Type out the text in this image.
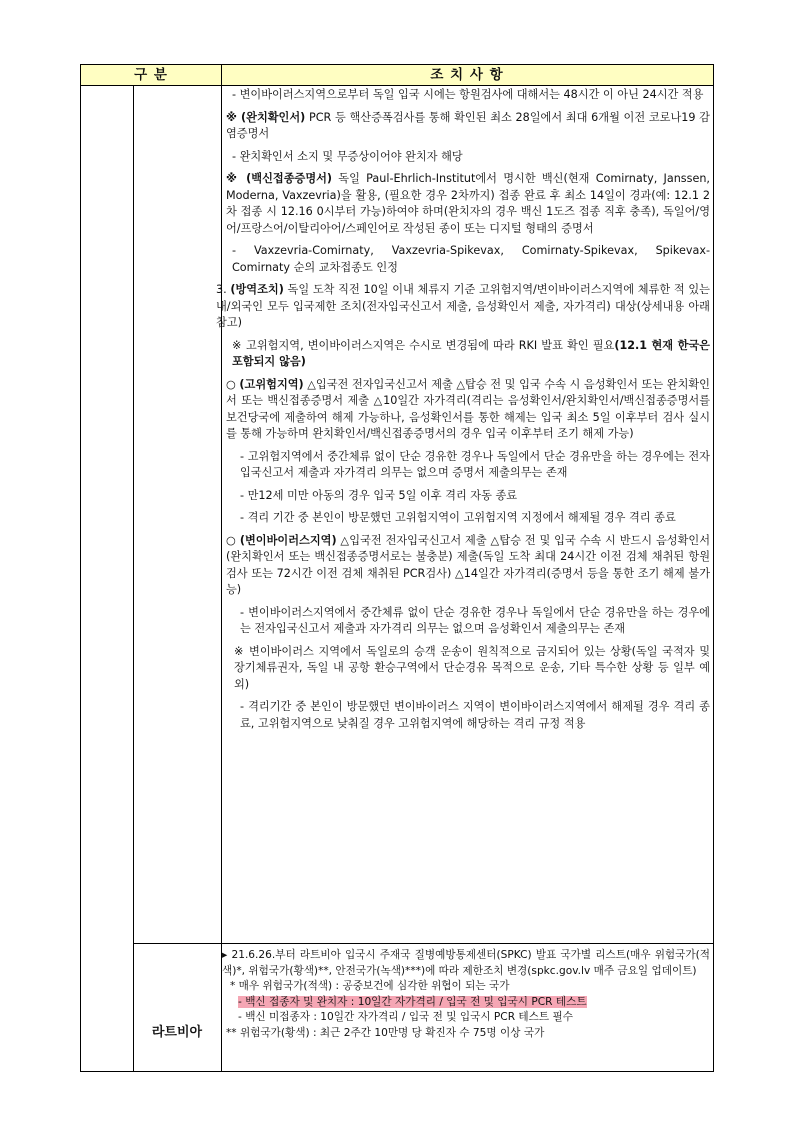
구 분	조 치 사 항

- 변이바이러스지역으로부터 독일 입국 시에는 항원검사에 대해서는 48시간 이 아닌 24시간 적용

※ (완치확인서) PCR 등 핵산증폭검사를 통해 확인된 최소 28일에서 최대 6개월 이전 코로나19 감염증명서

- 완치확인서 소지 및 무증상이어야 완치자 해당

※ (백신접종증명서) 독일 Paul-Ehrlich-Institut에서 명시한 백신(현재 Comirnaty, Janssen, Moderna, Vaxzevria)을 활용, (필요한 경우 2차까지) 접종 완료 후 최소 14일이 경과(예: 12.1 2차 접종 시 12.16 0시부터 가능)하여야 하며(완치자의 경우 백신 1도즈 접종 직후 충족), 독일어/영어/프랑스어/이탈리아어/스페인어로 작성된 종이 또는 디지털 형태의 증명서

- Vaxzevria-Comirnaty, Vaxzevria-Spikevax, Comirnaty-Spikevax, Spikevax-Comirnaty 순의 교차접종도 인정

3. (방역조치) 독일 도착 직전 10일 이내 체류지 기준 고위험지역/변이바이러스지역에 체류한 적 있는 내/외국인 모두 입국제한 조치(전자입국신고서 제출, 음성확인서 제출, 자가격리) 대상(상세내용 아래 참고)

※ 고위험지역, 변이바이러스지역은 수시로 변경됨에 따라 RKI 발표 확인 필요(12.1 현재 한국은 포함되지 않음)

○ (고위험지역) △입국전 전자입국신고서 제출 △탑승 전 및 입국 수속 시 음성확인서 또는 완치확인서 또는 백신접종증명서 제출 △10일간 자가격리(격리는 음성확인서/완치확인서/백신접종증명서를 보건당국에 제출하여 해제 가능하나, 음성확인서를 통한 해제는 입국 최소 5일 이후부터 검사 실시를 통해 가능하며 완치확인서/백신접종증명서의 경우 입국 이후부터 조기 해제 가능)

- 고위험지역에서 중간체류 없이 단순 경유한 경우나 독일에서 단순 경유만을 하는 경우에는 전자입국신고서 제출과 자가격리 의무는 없으며 증명서 제출의무는 존재

- 만12세 미만 아동의 경우 입국 5일 이후 격리 자동 종료

- 격리 기간 중 본인이 방문했던 고위험지역이 고위험지역 지정에서 해제될 경우 격리 종료

○ (변이바이러스지역) △입국전 전자입국신고서 제출 △탑승 전 및 입국 수속 시 반드시 음성확인서(완치확인서 또는 백신접종증명서로는 불충분) 제출(독일 도착 최대 24시간 이전 검체 채취된 항원검사 또는 72시간 이전 검체 채취된 PCR검사) △14일간 자가격리(증명서 등을 통한 조기 해제 불가능)

- 변이바이러스지역에서 중간체류 없이 단순 경유한 경우나 독일에서 단순 경유만을 하는 경우에는 전자입국신고서 제출과 자가격리 의무는 없으며 음성확인서 제출의무는 존재

※ 변이바이러스 지역에서 독일로의 승객 운송이 원칙적으로 금지되어 있는 상황(독일 국적자 및 장기체류권자, 독일 내 공항 환승구역에서 단순경유 목적으로 운송, 기타 특수한 상황 등 일부 예외)

- 격리기간 중 본인이 방문했던 변이바이러스 지역이 변이바이러스지역에서 해제될 경우 격리 종료, 고위험지역으로 낮춰질 경우 고위험지역에 해당하는 격리 규정 적용

라트비아

▸ 21.6.26.부터 라트비아 입국시 주재국 질병예방통제센터(SPKC) 발표 국가별 리스트(매우 위험국가(적색)*, 위험국가(황색)**, 안전국가(녹색)***)에 따라 제한조치 변경(spkc.gov.lv 매주 금요일 업데이트)

* 매우 위험국가(적색) : 공중보건에 심각한 위협이 되는 국가

- 백신 접종자 및 완치자 : 10일간 자가격리 / 입국 전 및 입국시 PCR 테스트

- 백신 미접종자 : 10일간 자가격리 / 입국 전 및 입국시 PCR 테스트 필수

** 위험국가(황색) : 최근 2주간 10만명 당 확진자 수 75명 이상 국가
